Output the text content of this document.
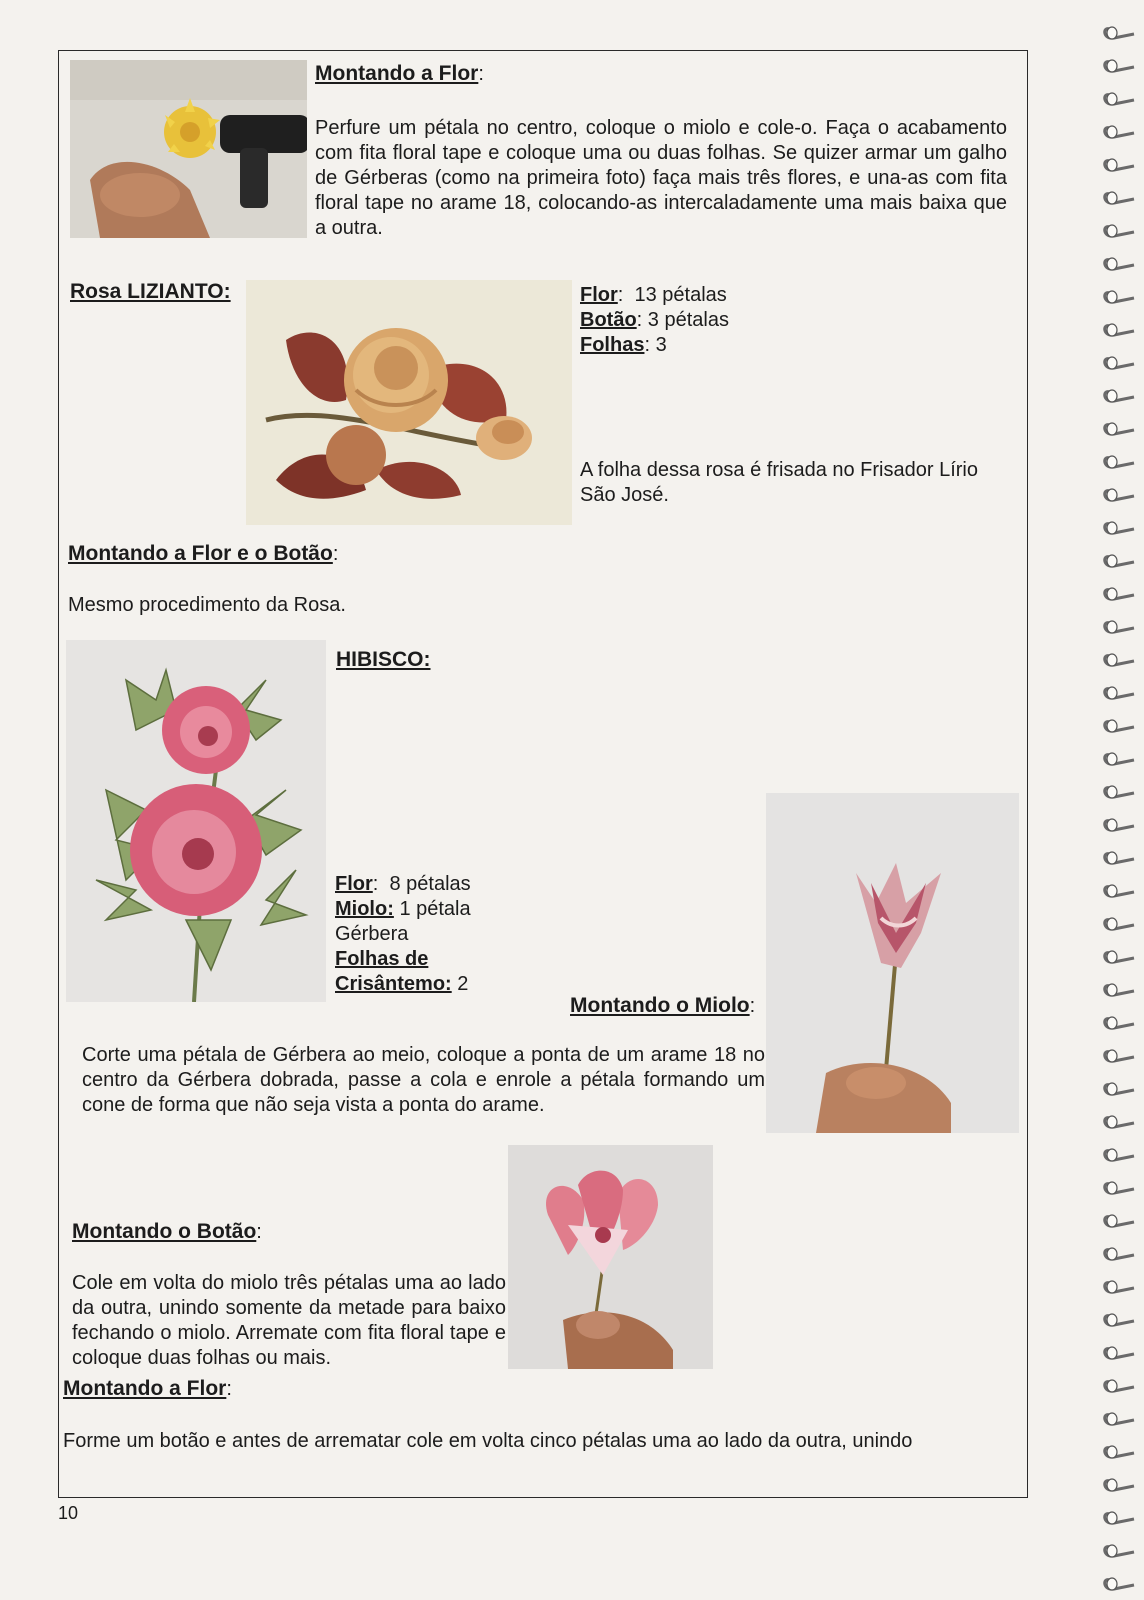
Montando a Flor:
Perfure um pétala no centro, coloque o miolo e cole-o. Faça o acabamento com fita floral tape e coloque uma ou duas folhas. Se quizer armar um galho de Gérberas (como na primeira foto) faça mais três flores, e una-as com fita floral tape no arame 18, colocando-as intercaladamente uma mais baixa que a outra.
Rosa LIZIANTO:	Flor: 13 pétalas
Botão: 3 pétalas
Folhas: 3
A folha dessa rosa é frisada no Frisador Lírio São José.
Montando a Flor e o Botão:
Mesmo procedimento da Rosa.
HIBISCO:
Flor: 8 pétalas
Miolo: 1 pétala
Gérbera
Folhas de
Crisântemo: 2
Montando o Miolo:
Corte uma pétala de Gérbera ao meio, coloque a ponta de um arame 18 no centro da Gérbera dobrada, passe a cola e enrole a pétala formando um cone de forma que não seja vista a ponta do arame.
Montando o Botão:
Cole em volta do miolo três pétalas uma ao lado da outra, unindo somente da metade para baixo fechando o miolo. Arremate com fita floral tape e coloque duas folhas ou mais.
Montando a Flor:
Forme um botão e antes de arrematar cole em volta cinco pétalas uma ao lado da outra, unindo
10
